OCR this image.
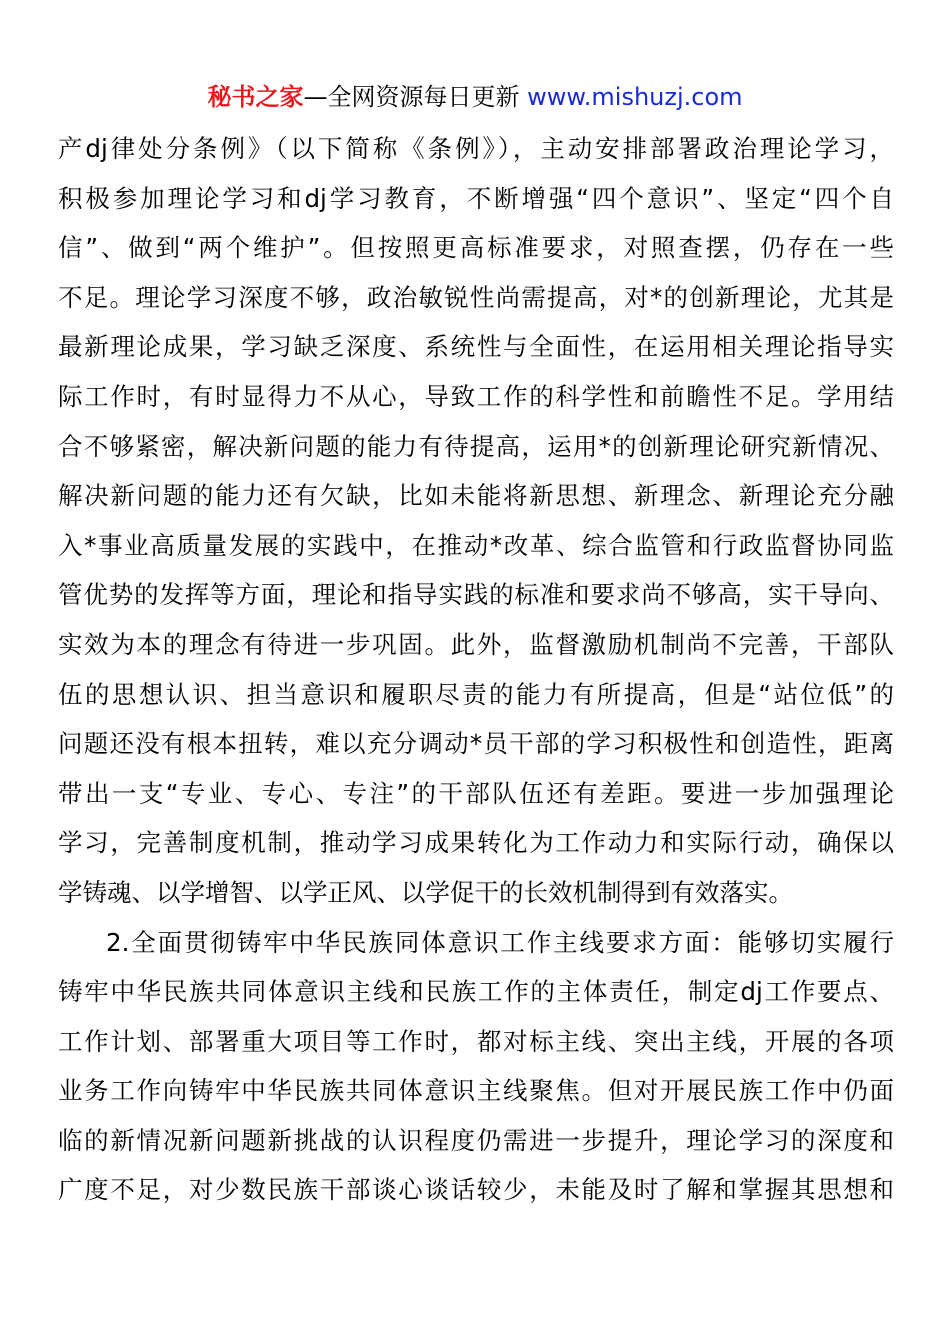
秘书之家—全网资源每日更新 www.mishuzj.com
产dj律处分条例》（以下简称《条例》），主动安排部署政治理论学习，
积极参加理论学习和dj学习教育，不断增强“四个意识”、坚定“四个自
信”、做到“两个维护”。但按照更高标准要求，对照查摆，仍存在一些
不足。理论学习深度不够，政治敏锐性尚需提高，对*的创新理论，尤其是
最新理论成果，学习缺乏深度、系统性与全面性，在运用相关理论指导实
际工作时，有时显得力不从心，导致工作的科学性和前瞻性不足。学用结
合不够紧密，解决新问题的能力有待提高，运用*的创新理论研究新情况、
解决新问题的能力还有欠缺，比如未能将新思想、新理念、新理论充分融
入*事业高质量发展的实践中，在推动*改革、综合监管和行政监督协同监
管优势的发挥等方面，理论和指导实践的标准和要求尚不够高，实干导向、
实效为本的理念有待进一步巩固。此外，监督激励机制尚不完善，干部队
伍的思想认识、担当意识和履职尽责的能力有所提高，但是“站位低”的
问题还没有根本扭转，难以充分调动*员干部的学习积极性和创造性，距离
带出一支“专业、专心、专注”的干部队伍还有差距。要进一步加强理论
学习，完善制度机制，推动学习成果转化为工作动力和实际行动，确保以
学铸魂、以学增智、以学正风、以学促干的长效机制得到有效落实。
2.全面贯彻铸牢中华民族同体意识工作主线要求方面：能够切实履行
铸牢中华民族共同体意识主线和民族工作的主体责任，制定dj工作要点、
工作计划、部署重大项目等工作时，都对标主线、突出主线，开展的各项
业务工作向铸牢中华民族共同体意识主线聚焦。但对开展民族工作中仍面
临的新情况新问题新挑战的认识程度仍需进一步提升，理论学习的深度和
广度不足，对少数民族干部谈心谈话较少，未能及时了解和掌握其思想和
